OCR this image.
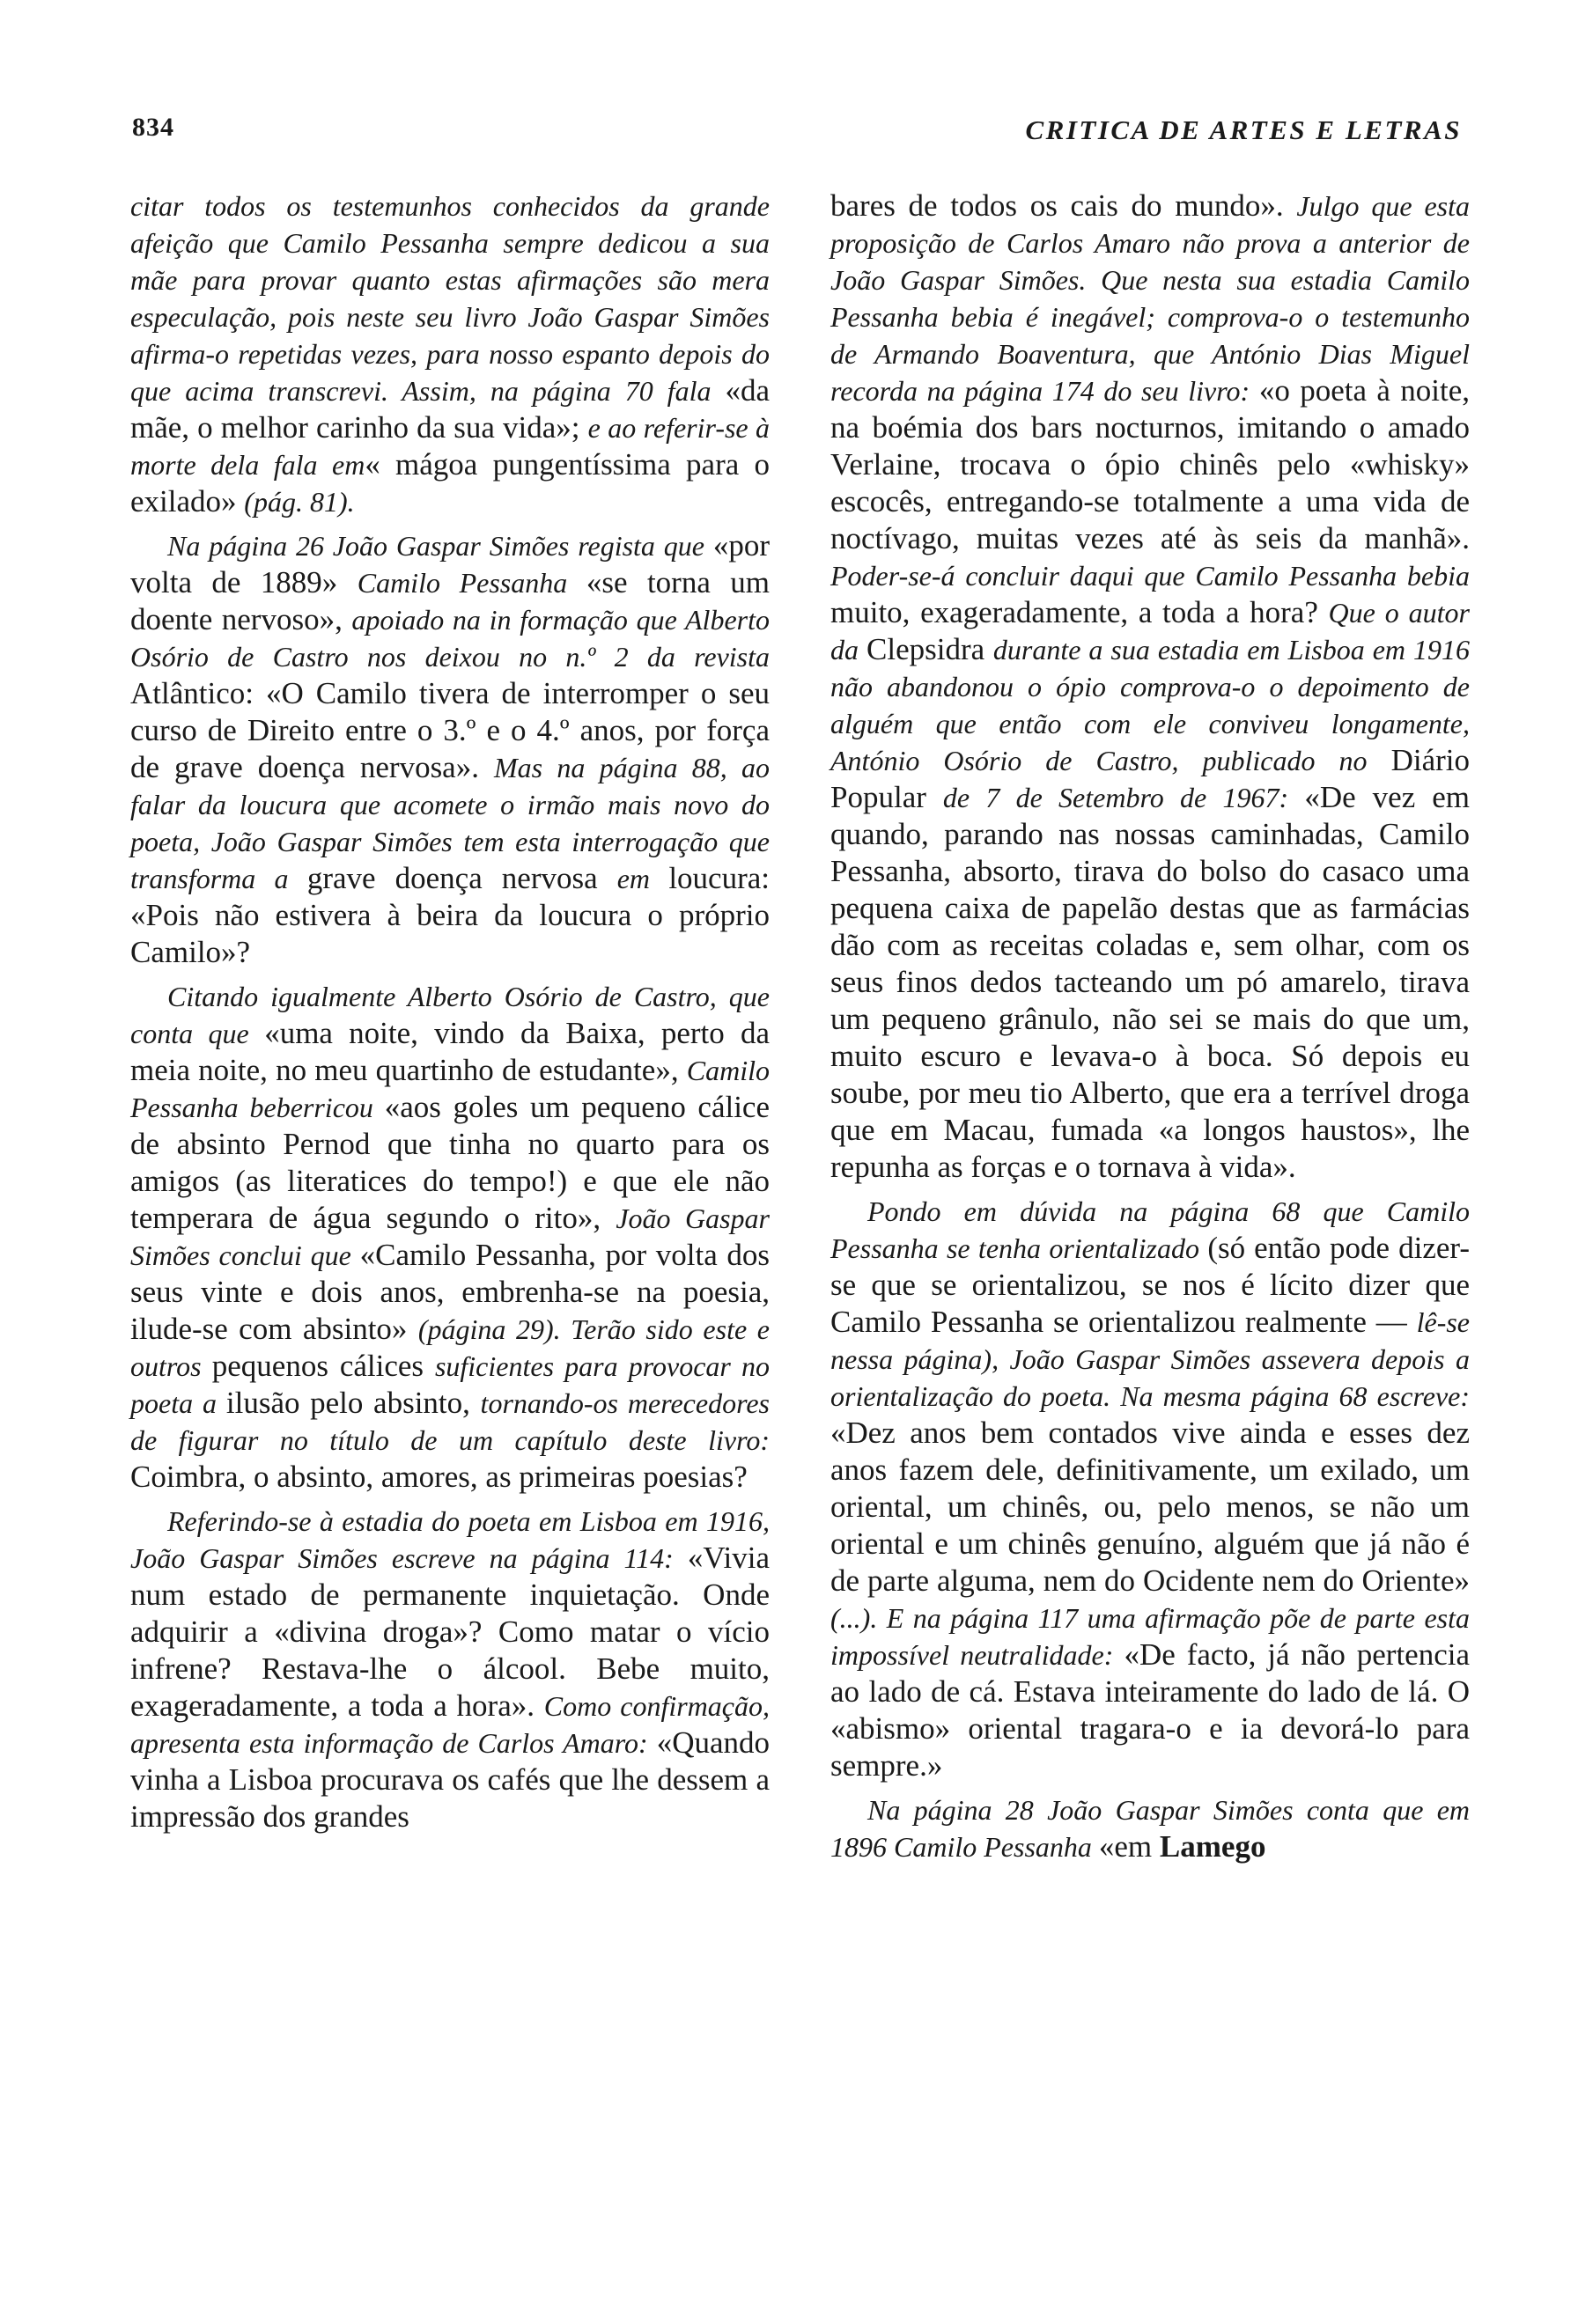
834	CRITICA DE ARTES E LETRAS

citar todos os testemunhos conhecidos da grande afeição que Camilo Pessanha sempre dedicou a sua mãe para provar quanto estas afirmações são mera especulação, pois neste seu livro João Gaspar Simões afirma-o repetidas vezes, para nosso espanto depois do que acima transcrevi. Assim, na página 70 fala «da mãe, o melhor carinho da sua vida»; e ao referir-se à morte dela fala em« mágoa pungentíssima para o exilado» (pág. 81).

Na página 26 João Gaspar Simões regista que «por volta de 1889» Camilo Pessanha «se torna um doente nervoso», apoiado na in formação que Alberto Osório de Castro nos deixou no n.º 2 da revista Atlântico: «O Camilo tivera de interromper o seu curso de Direito entre o 3.º e o 4.º anos, por força de grave doença nervosa». Mas na página 88, ao falar da loucura que acomete o irmão mais novo do poeta, João Gaspar Simões tem esta interrogação que transforma a grave doença nervosa em loucura: «Pois não estivera à beira da loucura o próprio Camilo»?

Citando igualmente Alberto Osório de Castro, que conta que «uma noite, vindo da Baixa, perto da meia noite, no meu quartinho de estudante», Camilo Pessanha beberricou «aos goles um pequeno cálice de absinto Pernod que tinha no quarto para os amigos (as literatices do tempo!) e que ele não temperara de água segundo o rito», João Gaspar Simões conclui que «Camilo Pessanha, por volta dos seus vinte e dois anos, embrenha-se na poesia, ilude-se com absinto» (página 29). Terão sido este e outros pequenos cálices suficientes para provocar no poeta a ilusão pelo absinto, tornando-os merecedores de figurar no título de um capítulo deste livro: Coimbra, o absinto, amores, as primeiras poesias?

Referindo-se à estadia do poeta em Lisboa em 1916, João Gaspar Simões escreve na página 114: «Vivia num estado de permanente inquietação. Onde adquirir a «divina droga»? Como matar o vício infrene? Restava-lhe o álcool. Bebe muito, exageradamente, a toda a hora». Como confirmação, apresenta esta informação de Carlos Amaro: «Quando vinha a Lisboa procurava os cafés que lhe dessem a impressão dos grandes

bares de todos os cais do mundo». Julgo que esta proposição de Carlos Amaro não prova a anterior de João Gaspar Simões. Que nesta sua estadia Camilo Pessanha bebia é inegável; comprova-o o testemunho de Armando Boaventura, que António Dias Miguel recorda na página 174 do seu livro: «o poeta à noite, na boémia dos bars nocturnos, imitando o amado Verlaine, trocava o ópio chinês pelo «whisky» escocês, entregando-se totalmente a uma vida de noctívago, muitas vezes até às seis da manhã». Poder-se-á concluir daqui que Camilo Pessanha bebia muito, exageradamente, a toda a hora? Que o autor da Clepsidra durante a sua estadia em Lisboa em 1916 não abandonou o ópio comprova-o o depoimento de alguém que então com ele conviveu longamente, António Osório de Castro, publicado no Diário Popular de 7 de Setembro de 1967: «De vez em quando, parando nas nossas caminhadas, Camilo Pessanha, absorto, tirava do bolso do casaco uma pequena caixa de papelão destas que as farmácias dão com as receitas coladas e, sem olhar, com os seus finos dedos tacteando um pó amarelo, tirava um pequeno grânulo, não sei se mais do que um, muito escuro e levava-o à boca. Só depois eu soube, por meu tio Alberto, que era a terrível droga que em Macau, fumada «a longos haustos», lhe repunha as forças e o tornava à vida».

Pondo em dúvida na página 68 que Camilo Pessanha se tenha orientalizado (só então pode dizer-se que se orientalizou, se nos é lícito dizer que Camilo Pessanha se orientalizou realmente — lê-se nessa página), João Gaspar Simões assevera depois a orientalização do poeta. Na mesma página 68 escreve: «Dez anos bem contados vive ainda e esses dez anos fazem dele, definitivamente, um exilado, um oriental, um chinês, ou, pelo menos, se não um oriental e um chinês genuíno, alguém que já não é de parte alguma, nem do Ocidente nem do Oriente» (...). E na página 117 uma afirmação põe de parte esta impossível neutralidade: «De facto, já não pertencia ao lado de cá. Estava inteiramente do lado de lá. O «abismo» oriental tragara-o e ia devorá-lo para sempre.»

Na página 28 João Gaspar Simões conta que em 1896 Camilo Pessanha «em Lamego
